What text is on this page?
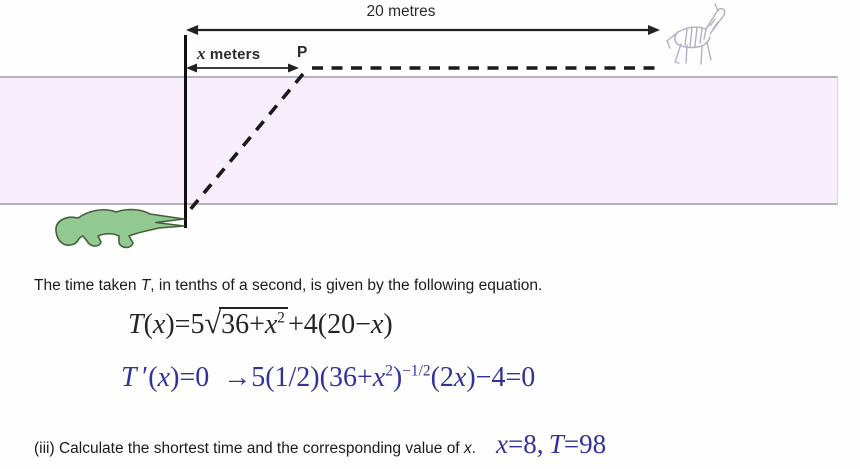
20 metres
x meters P

The time taken T, in tenths of a second, is given by the following equation.

$T(x)=5√36+x^2 +4(20-x)$
T $'(x)=0 \to 5(1/2)(36+x^2)^{-1/2}(2x)-4=0$
(iii) Calculate the shortest time and the corresponding value of x. x=8,  T=98
